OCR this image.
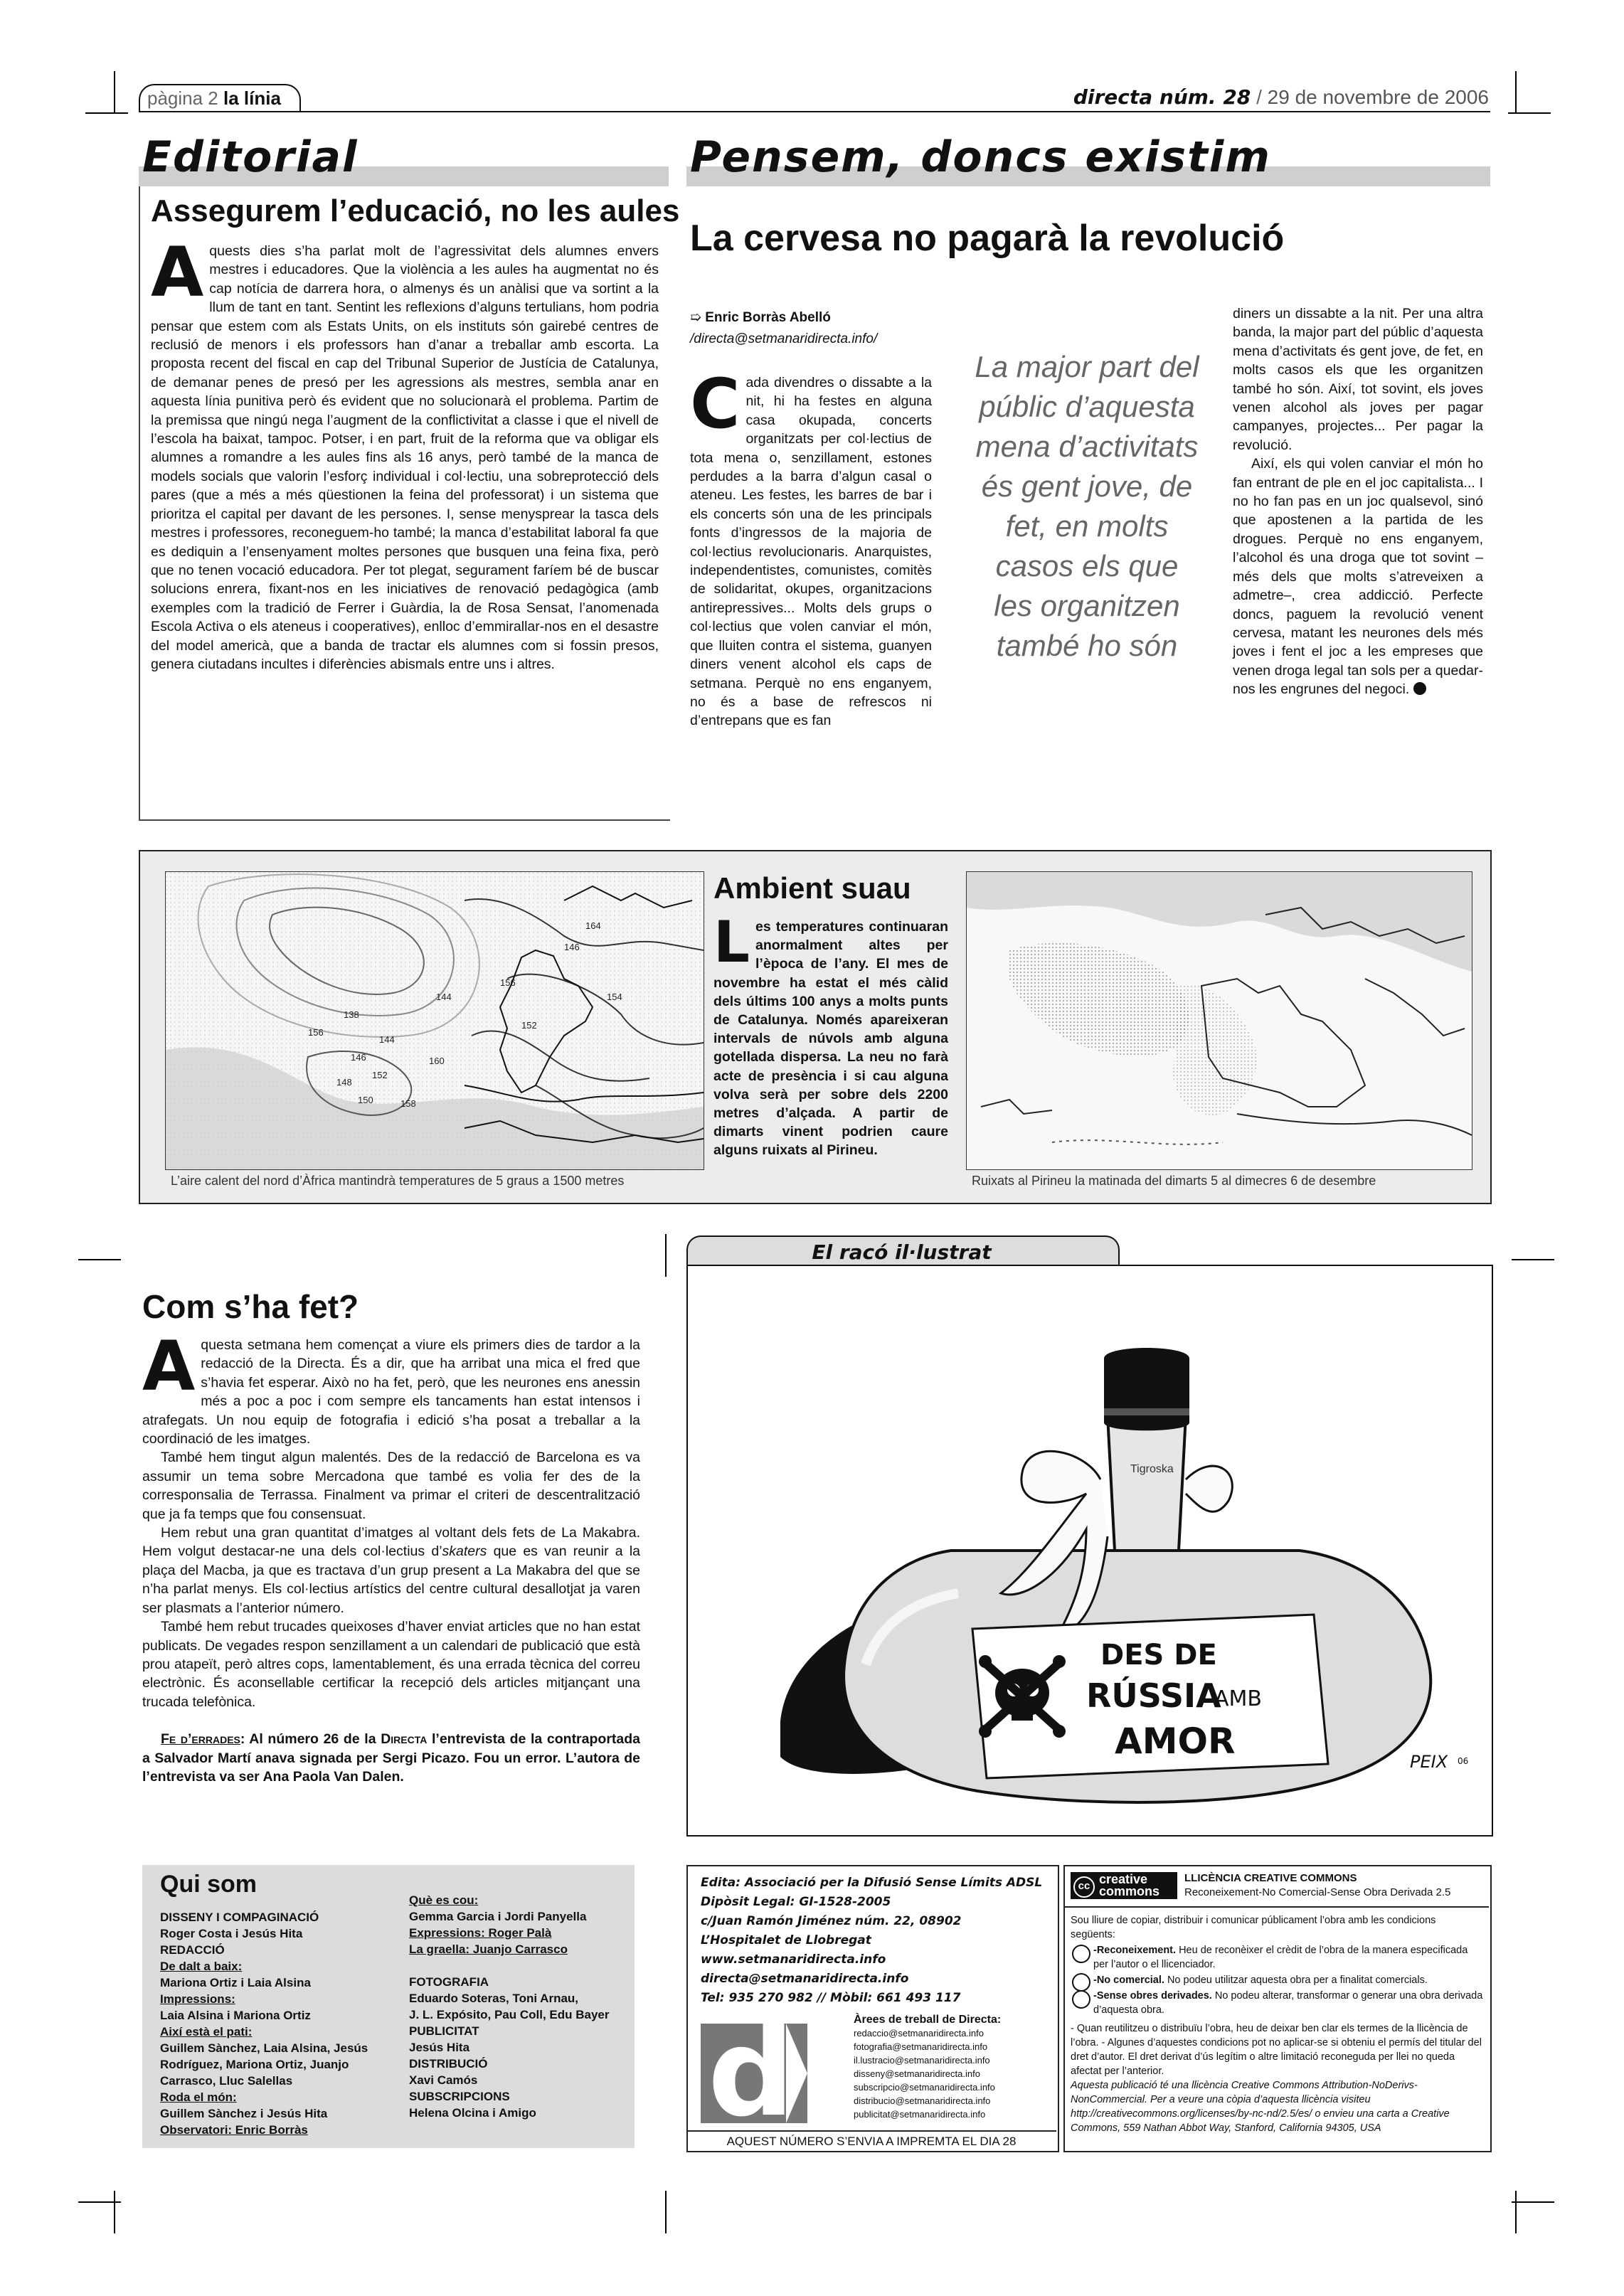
pàgina 2 la línia	directa núm. 28 / 29 de novembre de 2006
Editorial
Assegurem l’educació, no les aules

Aquests dies s’ha parlat molt de l’agressivitat dels alumnes envers mestres i educadores. Que la violència a les aules ha augmentat no és cap notícia de darrera hora, o almenys és un anàlisi que va sortint a la llum de tant en tant. Sentint les reflexions d’alguns tertulians, hom podria pensar que estem com als Estats Units, on els instituts són gairebé centres de reclusió de menors i els professors han d’anar a treballar amb escorta. La proposta recent del fiscal en cap del Tribunal Superior de Justícia de Catalunya, de demanar penes de presó per les agressions als mestres, sembla anar en aquesta línia punitiva però és evident que no solucionarà el problema. Partim de la premissa que ningú nega l’augment de la conflictivitat a classe i que el nivell de l’escola ha baixat, tampoc. Potser, i en part, fruit de la reforma que va obligar els alumnes a romandre a les aules fins als 16 anys, però també de la manca de models socials que valorin l’esforç individual i col·lectiu, una sobreprotecció dels pares (que a més a més qüestionen la feina del professorat) i un sistema que prioritza el capital per davant de les persones. I, sense menysprear la tasca dels mestres i professores, reconeguem-ho també; la manca d’estabilitat laboral fa que es dediquin a l’ensenyament moltes persones que busquen una feina fixa, però que no tenen vocació educadora. Per tot plegat, segurament faríem bé de buscar solucions enrera, fixant-nos en les iniciatives de renovació pedagògica (amb exemples com la tradició de Ferrer i Guàrdia, la de Rosa Sensat, l’anomenada Escola Activa o els ateneus i cooperatives), enlloc d’emmirallar-nos en el desastre del model americà, que a banda de tractar els alumnes com si fossin presos, genera ciutadans incultes i diferències abismals entre uns i altres.

Pensem, doncs existim
La cervesa no pagarà la revolució
➯ Enric Borràs Abelló
/directa@setmanaridirecta.info/

Cada divendres o dissabte a la nit, hi ha festes en alguna casa okupada, concerts organitzats per col·lectius de tota mena o, senzillament, estones perdudes a la barra d’algun casal o ateneu. Les festes, les barres de bar i els concerts són una de les principals fonts d’ingressos de la majoria de col·lectius revolucionaris. Anarquistes, independentistes, comunistes, comitès de solidaritat, okupes, organitzacions antirepressives... Molts dels grups o col·lectius que volen canviar el món, que lluiten contra el sistema, guanyen diners venent alcohol els caps de setmana. Perquè no ens enganyem, no és a base de refrescos ni d’entrepans que es fan

La major part del públic d’aquesta mena d’activitats és gent jove, de fet, en molts casos els que les organitzen també ho són

diners un dissabte a la nit. Per una altra banda, la major part del públic d’aquesta mena d’activitats és gent jove, de fet, en molts casos els que les organitzen també ho són. Així, tot sovint, els joves venen alcohol als joves per pagar campanyes, projectes... Per pagar la revolució.

Així, els qui volen canviar el món ho fan entrant de ple en el joc capitalista... I no ho fan pas en un joc qualsevol, sinó que apostenen a la partida de les drogues. Perquè no ens enganyem, l’alcohol és una droga que tot sovint –més dels que molts s’atreveixen a admetre–, crea addicció. Perfecte doncs, paguem la revolució venent cervesa, matant les neurones dels més joves i fent el joc a les empreses que venen droga legal tan sols per a quedar-nos les engrunes del negoci.

138
144
146
148
150
152
156
158
160
164
156
146
154
144
152
L’aire calent del nord d’Àfrica mantindrà temperatures de 5 graus a 1500 metres
Ambient suau
Les temperatures continuaran anormalment altes per l’època de l’any. El mes de novembre ha estat el més càlid dels últims 100 anys a molts punts de Catalunya. Només apareixeran intervals de núvols amb alguna gotellada dispersa. La neu no farà acte de presència i si cau alguna volva serà per sobre dels 2200 metres d’alçada. A partir de dimarts vinent podrien caure alguns ruixats al Pirineu.
Ruixats al Pirineu la matinada del dimarts 5 al dimecres 6 de desembre
Com s’ha fet?

Aquesta setmana hem començat a viure els primers dies de tardor a la redacció de la Directa. És a dir, que ha arribat una mica el fred que s’havia fet esperar. Això no ha fet, però, que les neurones ens anessin més a poc a poc i com sempre els tancaments han estat intensos i atrafegats. Un nou equip de fotografia i edició s’ha posat a treballar a la coordinació de les imatges.

També hem tingut algun malentés. Des de la redacció de Barcelona es va assumir un tema sobre Mercadona que també es volia fer des de la corresponsalia de Terrassa. Finalment va primar el criteri de descentralització que ja fa temps que fou consensuat.

Hem rebut una gran quantitat d’imatges al voltant dels fets de La Makabra. Hem volgut destacar-ne una dels col·lectius d’skaters que es van reunir a la plaça del Macba, ja que es tractava d’un grup present a La Makabra del que se n’ha parlat menys. Els col·lectius artístics del centre cultural desallotjat ja varen ser plasmats a l’anterior número.

També hem rebut trucades queixoses d’haver enviat articles que no han estat publicats. De vegades respon senzillament a un calendari de publicació que està prou atapeït, però altres cops, lamentablement, és una errada tècnica del correu electrònic. És aconsellable certificar la recepció dels articles mitjançant una trucada telefònica.

Fe d’errades: Al número 26 de la Directa l’entrevista de la contraportada a Salvador Martí anava signada per Sergi Picazo. Fou un error. L’autora de l’entrevista va ser Ana Paola Van Dalen.

El racó il·lustrat
Tigroska
DES DE
RÚSSIA
AMB
AMOR	PEIX 06
Qui som
DISSENY I COMPAGINACIÓ
Roger Costa i Jesús Hita
REDACCIÓ
De dalt a baix:
Mariona Ortiz i Laia Alsina
Impressions:
Laia Alsina i Mariona Ortiz
Així està el pati:
Guillem Sànchez, Laia Alsina, Jesús
Rodríguez, Mariona Ortiz, Juanjo
Carrasco, Lluc Salellas
Roda el món:
Guillem Sànchez i Jesús Hita
Observatori: Enric Borràs
Què es cou:
Gemma Garcia i Jordi Panyella
Expressions: Roger Palà
La graella: Juanjo Carrasco

FOTOGRAFIA
Eduardo Soteras, Toni Arnau,
J. L. Expósito, Pau Coll, Edu Bayer
PUBLICITAT
Jesús Hita
DISTRIBUCIÓ
Xavi Camós
SUBSCRIPCIONS
Helena Olcina i Amigo
Edita: Associació per la Difusió Sense Límits ADSL
Dipòsit Legal: GI-1528-2005
c/Juan Ramón Jiménez núm. 22, 08902
L’Hospitalet de Llobregat
www.setmanaridirecta.info
directa@setmanaridirecta.info
Tel: 935 270 982 // Mòbil: 661 493 117
d	Àrees de treball de Directa:
redaccio@setmanaridirecta.info
fotografia@setmanaridirecta.info
il.lustracio@setmanaridirecta.info
disseny@setmanaridirecta.info
subscripcio@setmanaridirecta.info
distribucio@setmanaridirecta.info
publicitat@setmanaridirecta.info
AQUEST NÚMERO S’ENVIA A IMPREMTA EL DIA 28
cc creative
commons
LLICÈNCIA CREATIVE COMMONS
Reconeixement-No Comercial-Sense Obra Derivada 2.5
Sou lliure de copiar, distribuir i comunicar públicament l’obra amb les condicions següents:
-Reconeixement. Heu de reconèixer el crèdit de l’obra de la manera especificada per l’autor o el llicenciador.
-No comercial. No podeu utilitzar aquesta obra per a finalitat comercials.
-Sense obres derivades. No podeu alterar, transformar o generar una obra derivada d’aquesta obra.
- Quan reutilitzeu o distribuïu l’obra, heu de deixar ben clar els termes de la llicència de l’obra. - Algunes d’aquestes condicions pot no aplicar-se si obteniu el permís del titular del dret d’autor. El dret derivat d’ús legítim o altre limitació reconeguda per llei no queda afectat per l’anterior.
Aquesta publicació té una llicència Creative Commons Attribution-NoDerivs-NonCommercial. Per a veure una còpia d’aquesta llicència visiteu http://creativecommons.org/licenses/by-nc-nd/2.5/es/ o envieu una carta a Creative Commons, 559 Nathan Abbot Way, Stanford, California 94305, USA
